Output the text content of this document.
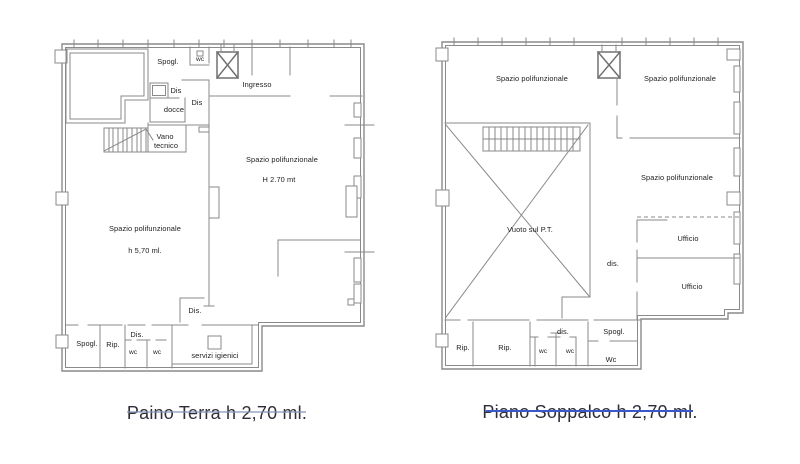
Spogl.	wc
Dis
docce
Dis
Vano
tecnico
Ingresso
Spazio polifunzionale
H 2.70 mt
Spazio polifunzionale
h 5,70 ml.
Dis.
Spogl. Rip.
Dis.
wc wc	servizi igienici
Spazio polifunzionale	Spazio polifunzionale
Spazio polifunzionale
Vuoto sul P.T.
Ufficio
Ufficio
dis.
Rip.	Rip.	wc
dis.
wc
Spogl.
Wc
Paino Terra h 2,70 ml.	Piano Soppalco h 2,70 ml.
